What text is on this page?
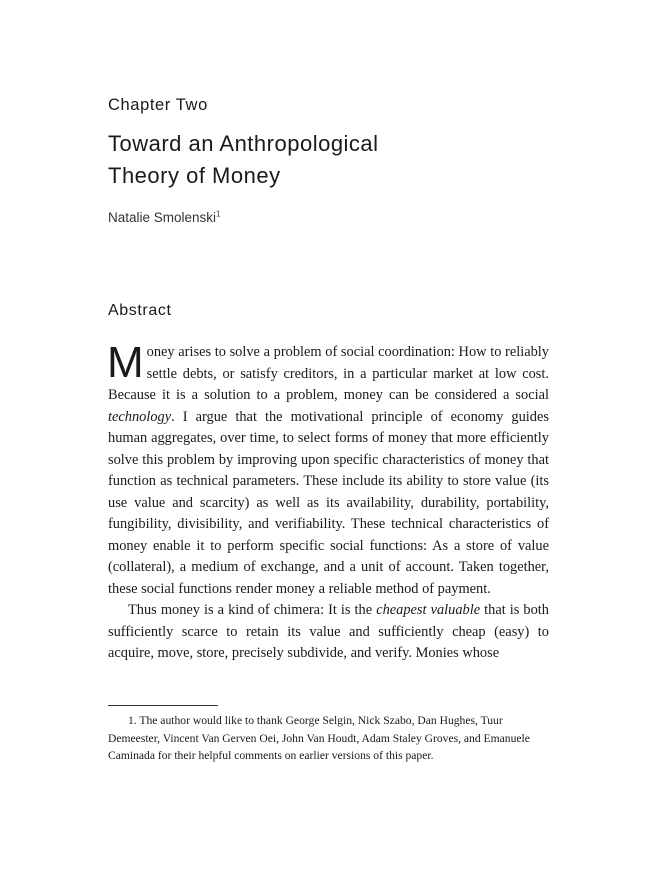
Chapter Two
Toward an Anthropological
Theory of Money
Natalie Smolenski$^1$
Abstract

Money arises to solve a problem of social coordination: How to reliably settle debts, or satisfy creditors, in a particular market at low cost. Because it is a solution to a problem, money can be considered a social technology. I argue that the motivational principle of economy guides human aggregates, over time, to select forms of money that more efficiently solve this problem by improving upon specific characteristics of money that function as technical parameters. These include its ability to store value (its use value and scarcity) as well as its availability, durability, portability, fungibility, divisibility, and verifiability. These technical characteristics of money enable it to perform specific social functions: As a store of value (collateral), a medium of exchange, and a unit of account. Taken together, these social functions render money a reliable method of payment.

Thus money is a kind of chimera: It is the cheapest valuable that is both sufficiently scarce to retain its value and sufficiently cheap (easy) to acquire, move, store, precisely subdivide, and verify. Monies whose

1. The author would like to thank George Selgin, Nick Szabo, Dan Hughes, Tuur Demeester, Vincent Van Gerven Oei, John Van Houdt, Adam Staley Groves, and Emanuele Caminada for their helpful comments on earlier versions of this paper.
